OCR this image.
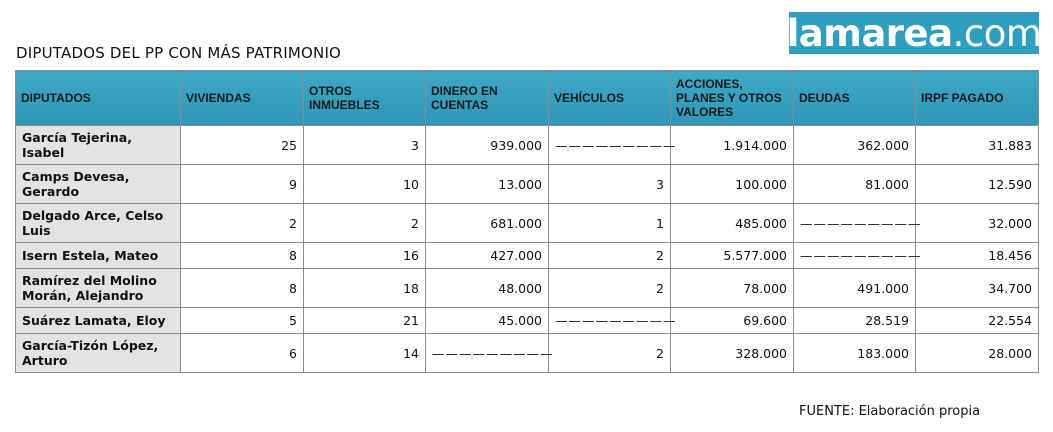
DIPUTADOS DEL PP CON MÁS PATRIMONIO	lamarea .com
DIPUTADOS	VIVIENDAS	OTROS INMUEBLES	DINERO EN CUENTAS	VEHÍCULOS	ACCIONES, PLANES Y OTROS VALORES	DEUDAS	IRPF PAGADO
García Tejerina, Isabel	25	3	939.000	—————————	1.914.000	362.000	31.883
Camps Devesa, Gerardo	9	10	13.000	3	100.000	81.000	12.590
Delgado Arce, Celso Luis	2	2	681.000	1	485.000	—————————	32.000
Isern Estela, Mateo	8	16	427.000	2	5.577.000	—————————	18.456
Ramírez del Molino Morán, Alejandro	8	18	48.000	2	78.000	491.000	34.700
Suárez Lamata, Eloy	5	21	45.000	—————————	69.600	28.519	22.554
García-Tizón López, Arturo	6	14	—————————	2	328.000	183.000	28.000
FUENTE: Elaboración propia
